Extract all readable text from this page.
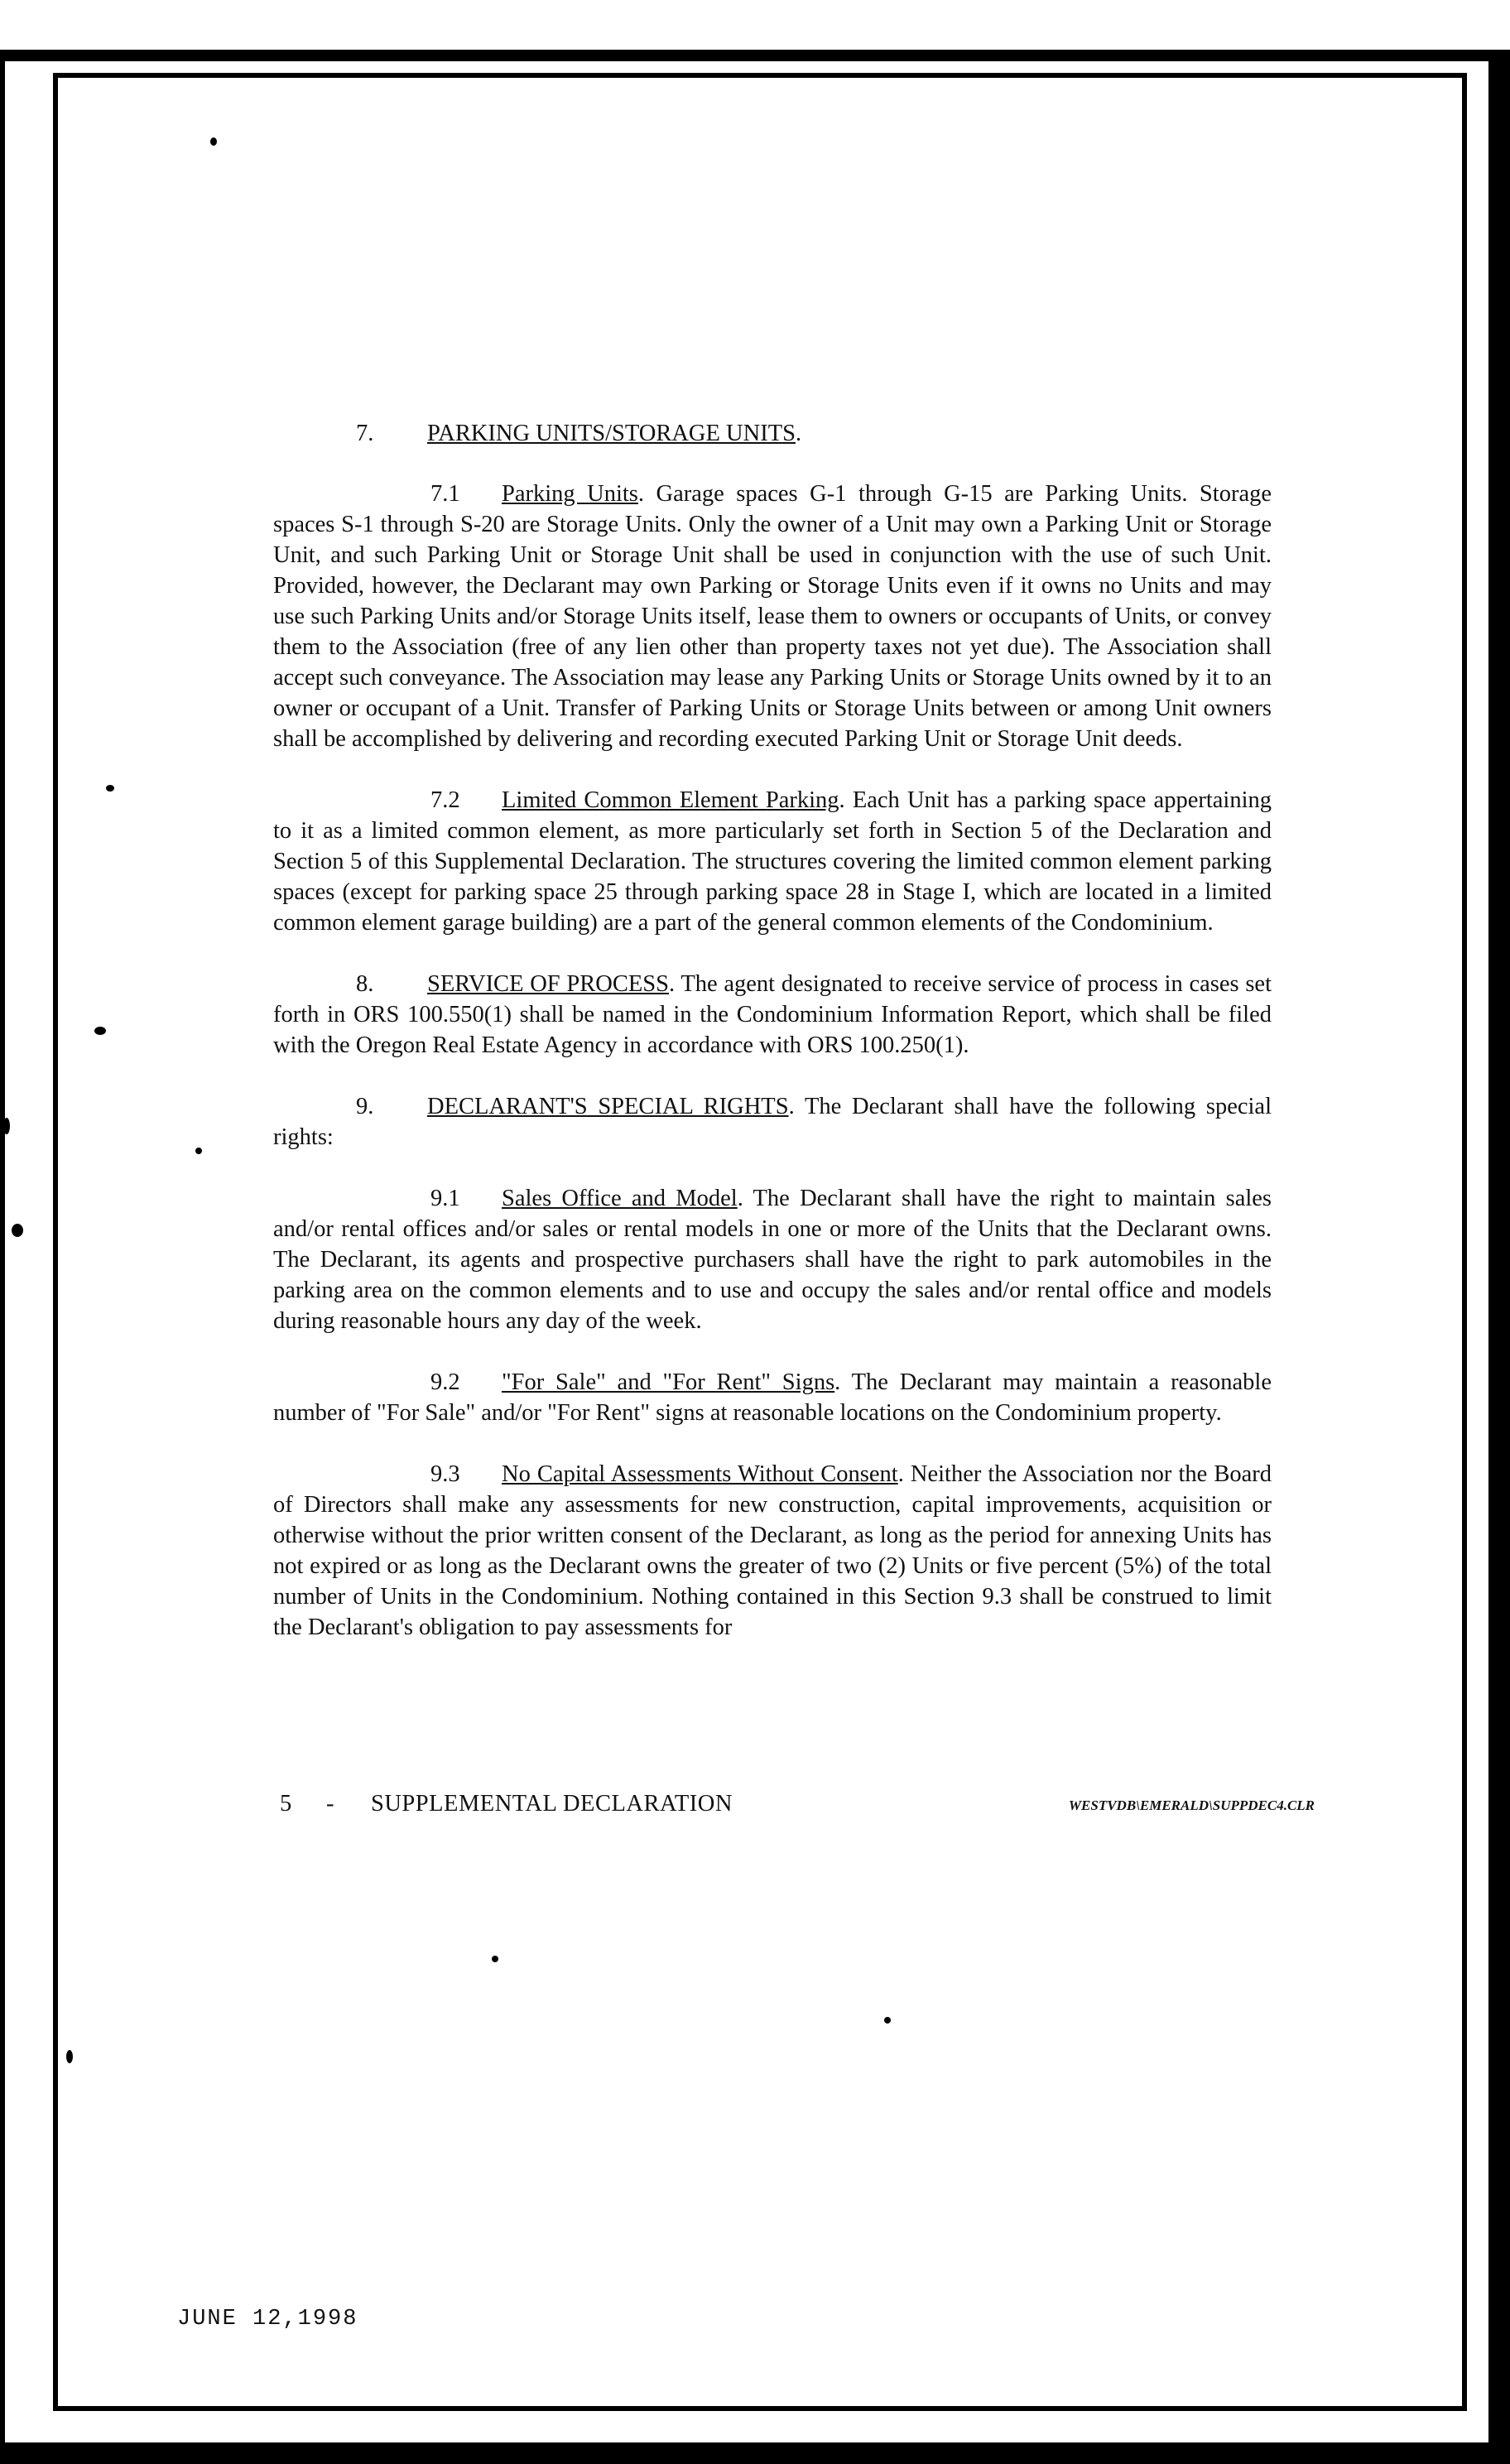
7. PARKING UNITS/STORAGE UNITS.

7.1 Parking Units. Garage spaces G-1 through G-15 are Parking Units. Storage spaces S-1 through S-20 are Storage Units. Only the owner of a Unit may own a Parking Unit or Storage Unit, and such Parking Unit or Storage Unit shall be used in conjunction with the use of such Unit. Provided, however, the Declarant may own Parking or Storage Units even if it owns no Units and may use such Parking Units and/or Storage Units itself, lease them to owners or occupants of Units, or convey them to the Association (free of any lien other than property taxes not yet due). The Association shall accept such conveyance. The Association may lease any Parking Units or Storage Units owned by it to an owner or occupant of a Unit. Transfer of Parking Units or Storage Units between or among Unit owners shall be accomplished by delivering and recording executed Parking Unit or Storage Unit deeds.

7.2 Limited Common Element Parking. Each Unit has a parking space appertaining to it as a limited common element, as more particularly set forth in Section 5 of the Declaration and Section 5 of this Supplemental Declaration. The structures covering the limited common element parking spaces (except for parking space 25 through parking space 28 in Stage I, which are located in a limited common element garage building) are a part of the general common elements of the Condominium.

8. SERVICE OF PROCESS. The agent designated to receive service of process in cases set forth in ORS 100.550(1) shall be named in the Condominium Information Report, which shall be filed with the Oregon Real Estate Agency in accordance with ORS 100.250(1).

9. DECLARANT'S SPECIAL RIGHTS. The Declarant shall have the following special rights:

9.1 Sales Office and Model. The Declarant shall have the right to maintain sales and/or rental offices and/or sales or rental models in one or more of the Units that the Declarant owns. The Declarant, its agents and prospective purchasers shall have the right to park automobiles in the parking area on the common elements and to use and occupy the sales and/or rental office and models during reasonable hours any day of the week.

9.2 "For Sale" and "For Rent" Signs. The Declarant may maintain a reasonable number of "For Sale" and/or "For Rent" signs at reasonable locations on the Condominium property.

9.3 No Capital Assessments Without Consent. Neither the Association nor the Board of Directors shall make any assessments for new construction, capital improvements, acquisition or otherwise without the prior written consent of the Declarant, as long as the period for annexing Units has not expired or as long as the Declarant owns the greater of two (2) Units or five percent (5%) of the total number of Units in the Condominium. Nothing contained in this Section 9.3 shall be construed to limit the Declarant's obligation to pay assessments for

5 - SUPPLEMENTAL DECLARATION	WESTVDB\EMERALD\SUPPDEC4.CLR
JUNE 12,1998
